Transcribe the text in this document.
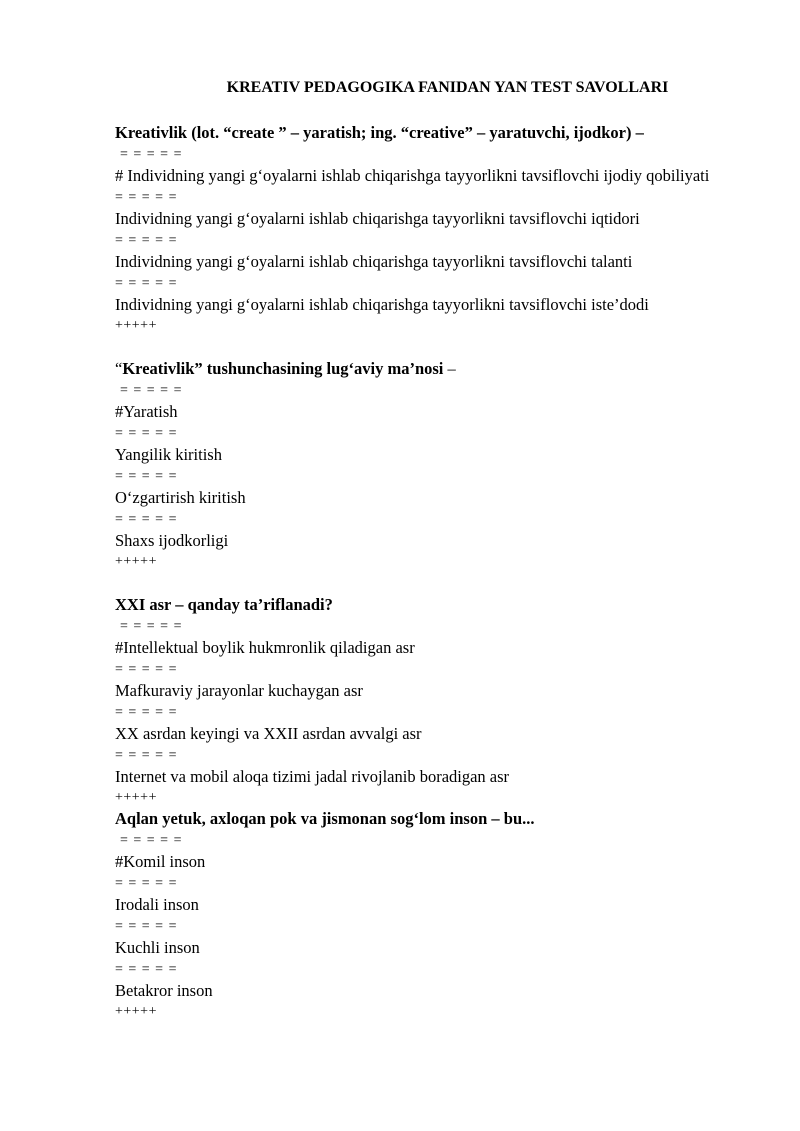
KREATIV PEDAGOGIKA FANIDAN YAN TEST SAVOLLARI
Kreativlik (lot. “create ” – yaratish; ing. “creative” – yaratuvchi, ijodkor) –
= = = = =
# Individning yangi g‘oyalarni ishlab chiqarishga tayyorlikni tavsiflovchi ijodiy qobiliyati
= = = = =
Individning yangi g‘oyalarni ishlab chiqarishga tayyorlikni tavsiflovchi iqtidori
= = = = =
Individning yangi g‘oyalarni ishlab chiqarishga tayyorlikni tavsiflovchi talanti
= = = = =
Individning yangi g‘oyalarni ishlab chiqarishga tayyorlikni tavsiflovchi iste’dodi
+++++
“Kreativlik” tushunchasining lug‘aviy ma’nosi –
= = = = =
#Yaratish
= = = = =
Yangilik kiritish
= = = = =
O‘zgartirish kiritish
= = = = =
Shaxs ijodkorligi
+++++
XXI asr – qanday ta’riflanadi?
= = = = =
#Intellektual boylik hukmronlik qiladigan asr
= = = = =
Mafkuraviy jarayonlar kuchaygan asr
= = = = =
XX asrdan keyingi va XXII asrdan avvalgi asr
= = = = =
Internet va mobil aloqa tizimi jadal rivojlanib boradigan asr
+++++
Aqlan yetuk, axloqan pok va jismonan sog‘lom inson – bu...
= = = = =
#Komil inson
= = = = =
Irodali inson
= = = = =
Kuchli inson
= = = = =
Betakror inson
+++++
